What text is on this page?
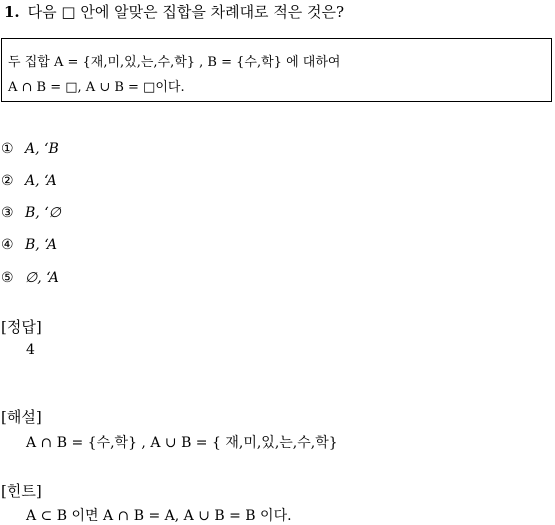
1. 다음 □ 안에 알맞은 집합을 차례대로 적은 것은?
두 집합 A = {재,미,있,는,수,학} , B = {수,학} 에 대하여
A ∩ B = □, A ∪ B = □이다.
① A, ‘B
② A, ‘A
③ B, ‘∅
④ B, ‘A
⑤ ∅, ‘A
[정답]
4
[해설]
A ∩ B = {수,학} , A ∪ B = { 재,미,있,는,수,학}
[힌트]
A ⊂ B 이면 A ∩ B = A, A ∪ B = B 이다.
